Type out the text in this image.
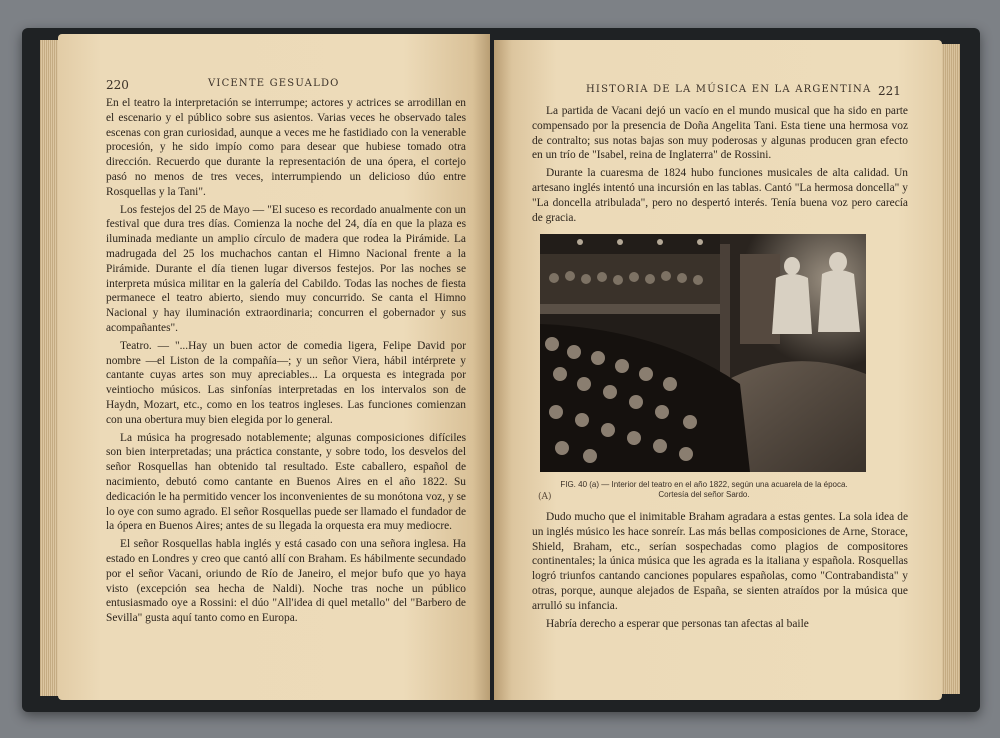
220	VICENTE GESUALDO

En el teatro la interpretación se interrumpe; actores y actrices se arrodillan en el escenario y el público sobre sus asientos. Varias veces he observado tales escenas con gran curiosidad, aunque a veces me he fastidiado con la venerable procesión, y he sido impío como para desear que hubiese tomado otra dirección. Recuerdo que durante la representación de una ópera, el cortejo pasó no menos de tres veces, interrumpiendo un delicioso dúo entre Rosquellas y la Tani".

Los festejos del 25 de Mayo — "El suceso es recordado anualmente con un festival que dura tres días. Comienza la noche del 24, día en que la plaza es iluminada mediante un amplio círculo de madera que rodea la Pirámide. La madrugada del 25 los muchachos cantan el Himno Nacional frente a la Pirámide. Durante el día tienen lugar diversos festejos. Por las noches se interpreta música militar en la galería del Cabildo. Todas las noches de fiesta permanece el teatro abierto, siendo muy concurrido. Se canta el Himno Nacional y hay iluminación extraordinaria; concurren el gobernador y sus acompañantes".

Teatro. — "...Hay un buen actor de comedia ligera, Felipe David por nombre —el Liston de la compañía—; y un señor Viera, hábil intérprete y cantante cuyas artes son muy apreciables... La orquesta es integrada por veintiocho músicos. Las sinfonías interpretadas en los intervalos son de Haydn, Mozart, etc., como en los teatros ingleses. Las funciones comienzan con una obertura muy bien elegida por lo general.

La música ha progresado notablemente; algunas composiciones difíciles son bien interpretadas; una práctica constante, y sobre todo, los desvelos del señor Rosquellas han obtenido tal resultado. Este caballero, español de nacimiento, debutó como cantante en Buenos Aires en el año 1822. Su dedicación le ha permitido vencer los inconvenientes de su monótona voz, y se lo oye con sumo agrado. El señor Rosquellas puede ser llamado el fundador de la ópera en Buenos Aires; antes de su llegada la orquesta era muy mediocre.

El señor Rosquellas habla inglés y está casado con una señora inglesa. Ha estado en Londres y creo que cantó allí con Braham. Es hábilmente secundado por el señor Vacani, oriundo de Río de Janeiro, el mejor bufo que yo haya visto (excepción sea hecha de Naldi). Noche tras noche un público entusiasmado oye a Rossini: el dúo "All'idea di quel metallo" del "Barbero de Sevilla" gusta aquí tanto como en Europa.

HISTORIA DE LA MÚSICA EN LA ARGENTINA 221

La partida de Vacani dejó un vacío en el mundo musical que ha sido en parte compensado por la presencia de Doña Angelita Tani. Esta tiene una hermosa voz de contralto; sus notas bajas son muy poderosas y algunas producen gran efecto en un trío de "Isabel, reina de Inglaterra" de Rossini.

Durante la cuaresma de 1824 hubo funciones musicales de alta calidad. Un artesano inglés intentó una incursión en las tablas. Cantó "La hermosa doncella" y "La doncella atribulada", pero no despertó interés. Tenía buena voz pero carecía de gracia.

FIG. 40 (a) — Interior del teatro en el año 1822, según una acuarela de la época.
Cortesía del señor Sardo.
(A)

Dudo mucho que el inimitable Braham agradara a estas gentes. La sola idea de un inglés músico les hace sonreír. Las más bellas composiciones de Arne, Storace, Shield, Braham, etc., serían sospechadas como plagios de compositores continentales; la única música que les agrada es la italiana y española. Rosquellas logró triunfos cantando canciones populares españolas, como "Contrabandista" y otras, porque, aunque alejados de España, se sienten atraídos por la música que arrulló su infancia.

Habría derecho a esperar que personas tan afectas al baile
